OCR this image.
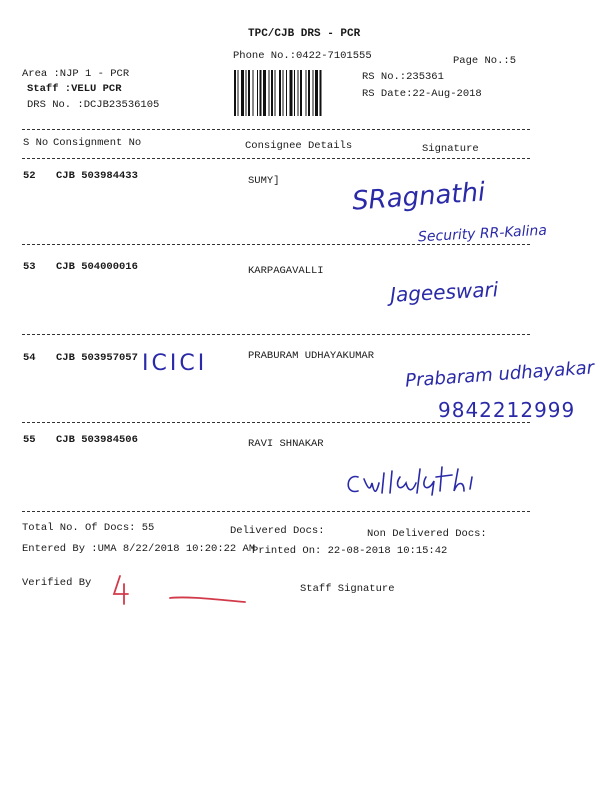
TPC/CJB DRS - PCR
Phone No.:0422-7101555	Page No.:5
Area :NJP 1 - PCR
Staff :VELU PCR
DRS No. :DCJB23536105
RS No.:235361
RS Date:22-Aug-2018
S No Consignment No	Consignee Details	Signature
52 CJB 503984433	SUMY]	SRagnathi
Security RR-Kalina
53 CJB 504000016	KARPAGAVALLI
Jageeswari
54 CJB 503957057 ICICI	PRABURAM UDHAYAKUMAR
Prabaram udhayakar
9842212999
55 CJB 503984506	RAVI SHNAKAR
Total No. Of Docs: 55	Delivered Docs:	Non Delivered Docs:
Entered By :UMA 8/22/2018 10:20:22 AM
Printed On: 22-08-2018 10:15:42
Verified By	Staff Signature
